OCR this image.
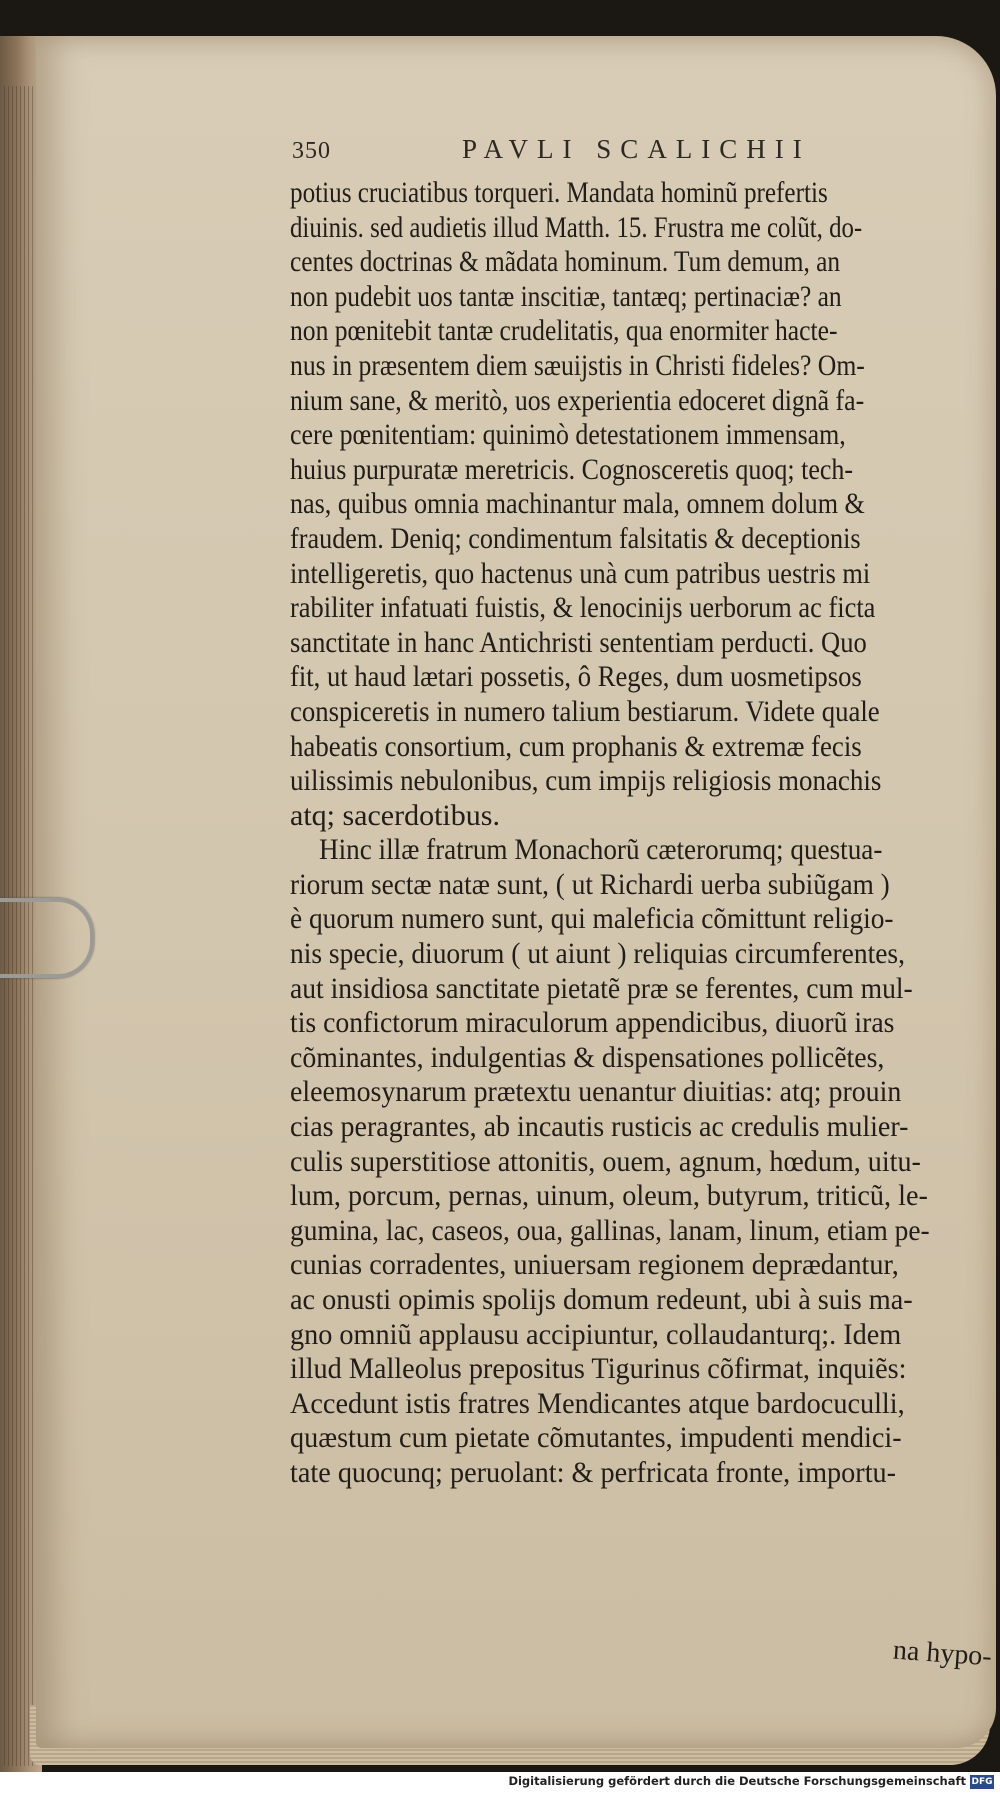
350	PAVLI SCALICHII
potius cruciatibus torqueri. Mandata hominũ prefertis
diuinis. sed audietis illud Matth. 15. Frustra me colũt, do-
centes doctrinas & mãdata hominum. Tum demum, an
non pudebit uos tantæ inscitiæ, tantæq; pertinaciæ? an
non pœnitebit tantæ crudelitatis, qua enormiter hacte-
nus in præsentem diem sæuijstis in Christi fideles? Om-
nium sane, & meritò, uos experientia edoceret dignã fa-
cere pœnitentiam: quinimò detestationem immensam,
huius purpuratæ meretricis. Cognosceretis quoq; tech-
nas, quibus omnia machinantur mala, omnem dolum &
fraudem. Deniq; condimentum falsitatis & deceptionis
intelligeretis, quo hactenus unà cum patribus uestris mi
rabiliter infatuati fuistis, & lenocinijs uerborum ac ficta
sanctitate in hanc Antichristi sententiam perducti. Quo
fit, ut haud lætari possetis, ô Reges, dum uosmetipsos
conspiceretis in numero talium bestiarum. Videte quale
habeatis consortium, cum prophanis & extremæ fecis
uilissimis nebulonibus, cum impijs religiosis monachis
atq; sacerdotibus.
Hinc illæ fratrum Monachorũ cæterorumq; questua-
riorum sectæ natæ sunt, ( ut Richardi uerba subiũgam )
è quorum numero sunt, qui maleficia cõmittunt religio-
nis specie, diuorum ( ut aiunt ) reliquias circumferentes,
aut insidiosa sanctitate pietatẽ præ se ferentes, cum mul-
tis confictorum miraculorum appendicibus, diuorũ iras
cõminantes, indulgentias & dispensationes pollicẽtes,
eleemosynarum prætextu uenantur diuitias: atq; prouin
cias peragrantes, ab incautis rusticis ac credulis mulier-
culis superstitiose attonitis, ouem, agnum, hœdum, uitu-
lum, porcum, pernas, uinum, oleum, butyrum, triticũ, le-
gumina, lac, caseos, oua, gallinas, lanam, linum, etiam pe-
cunias corradentes, uniuersam regionem deprædantur,
ac onusti opimis spolijs domum redeunt, ubi à suis ma-
gno omniũ applausu accipiuntur, collaudanturq;. Idem
illud Malleolus prepositus Tigurinus cõfirmat, inquiẽs:
Accedunt istis fratres Mendicantes atque bardocuculli,
quæstum cum pietate cõmutantes, impudenti mendici-
tate quocunq; peruolant: & perfricata fronte, importu-
na hypo-
Digitalisierung gefördert durch die Deutsche Forschungsgemeinschaft DFG
